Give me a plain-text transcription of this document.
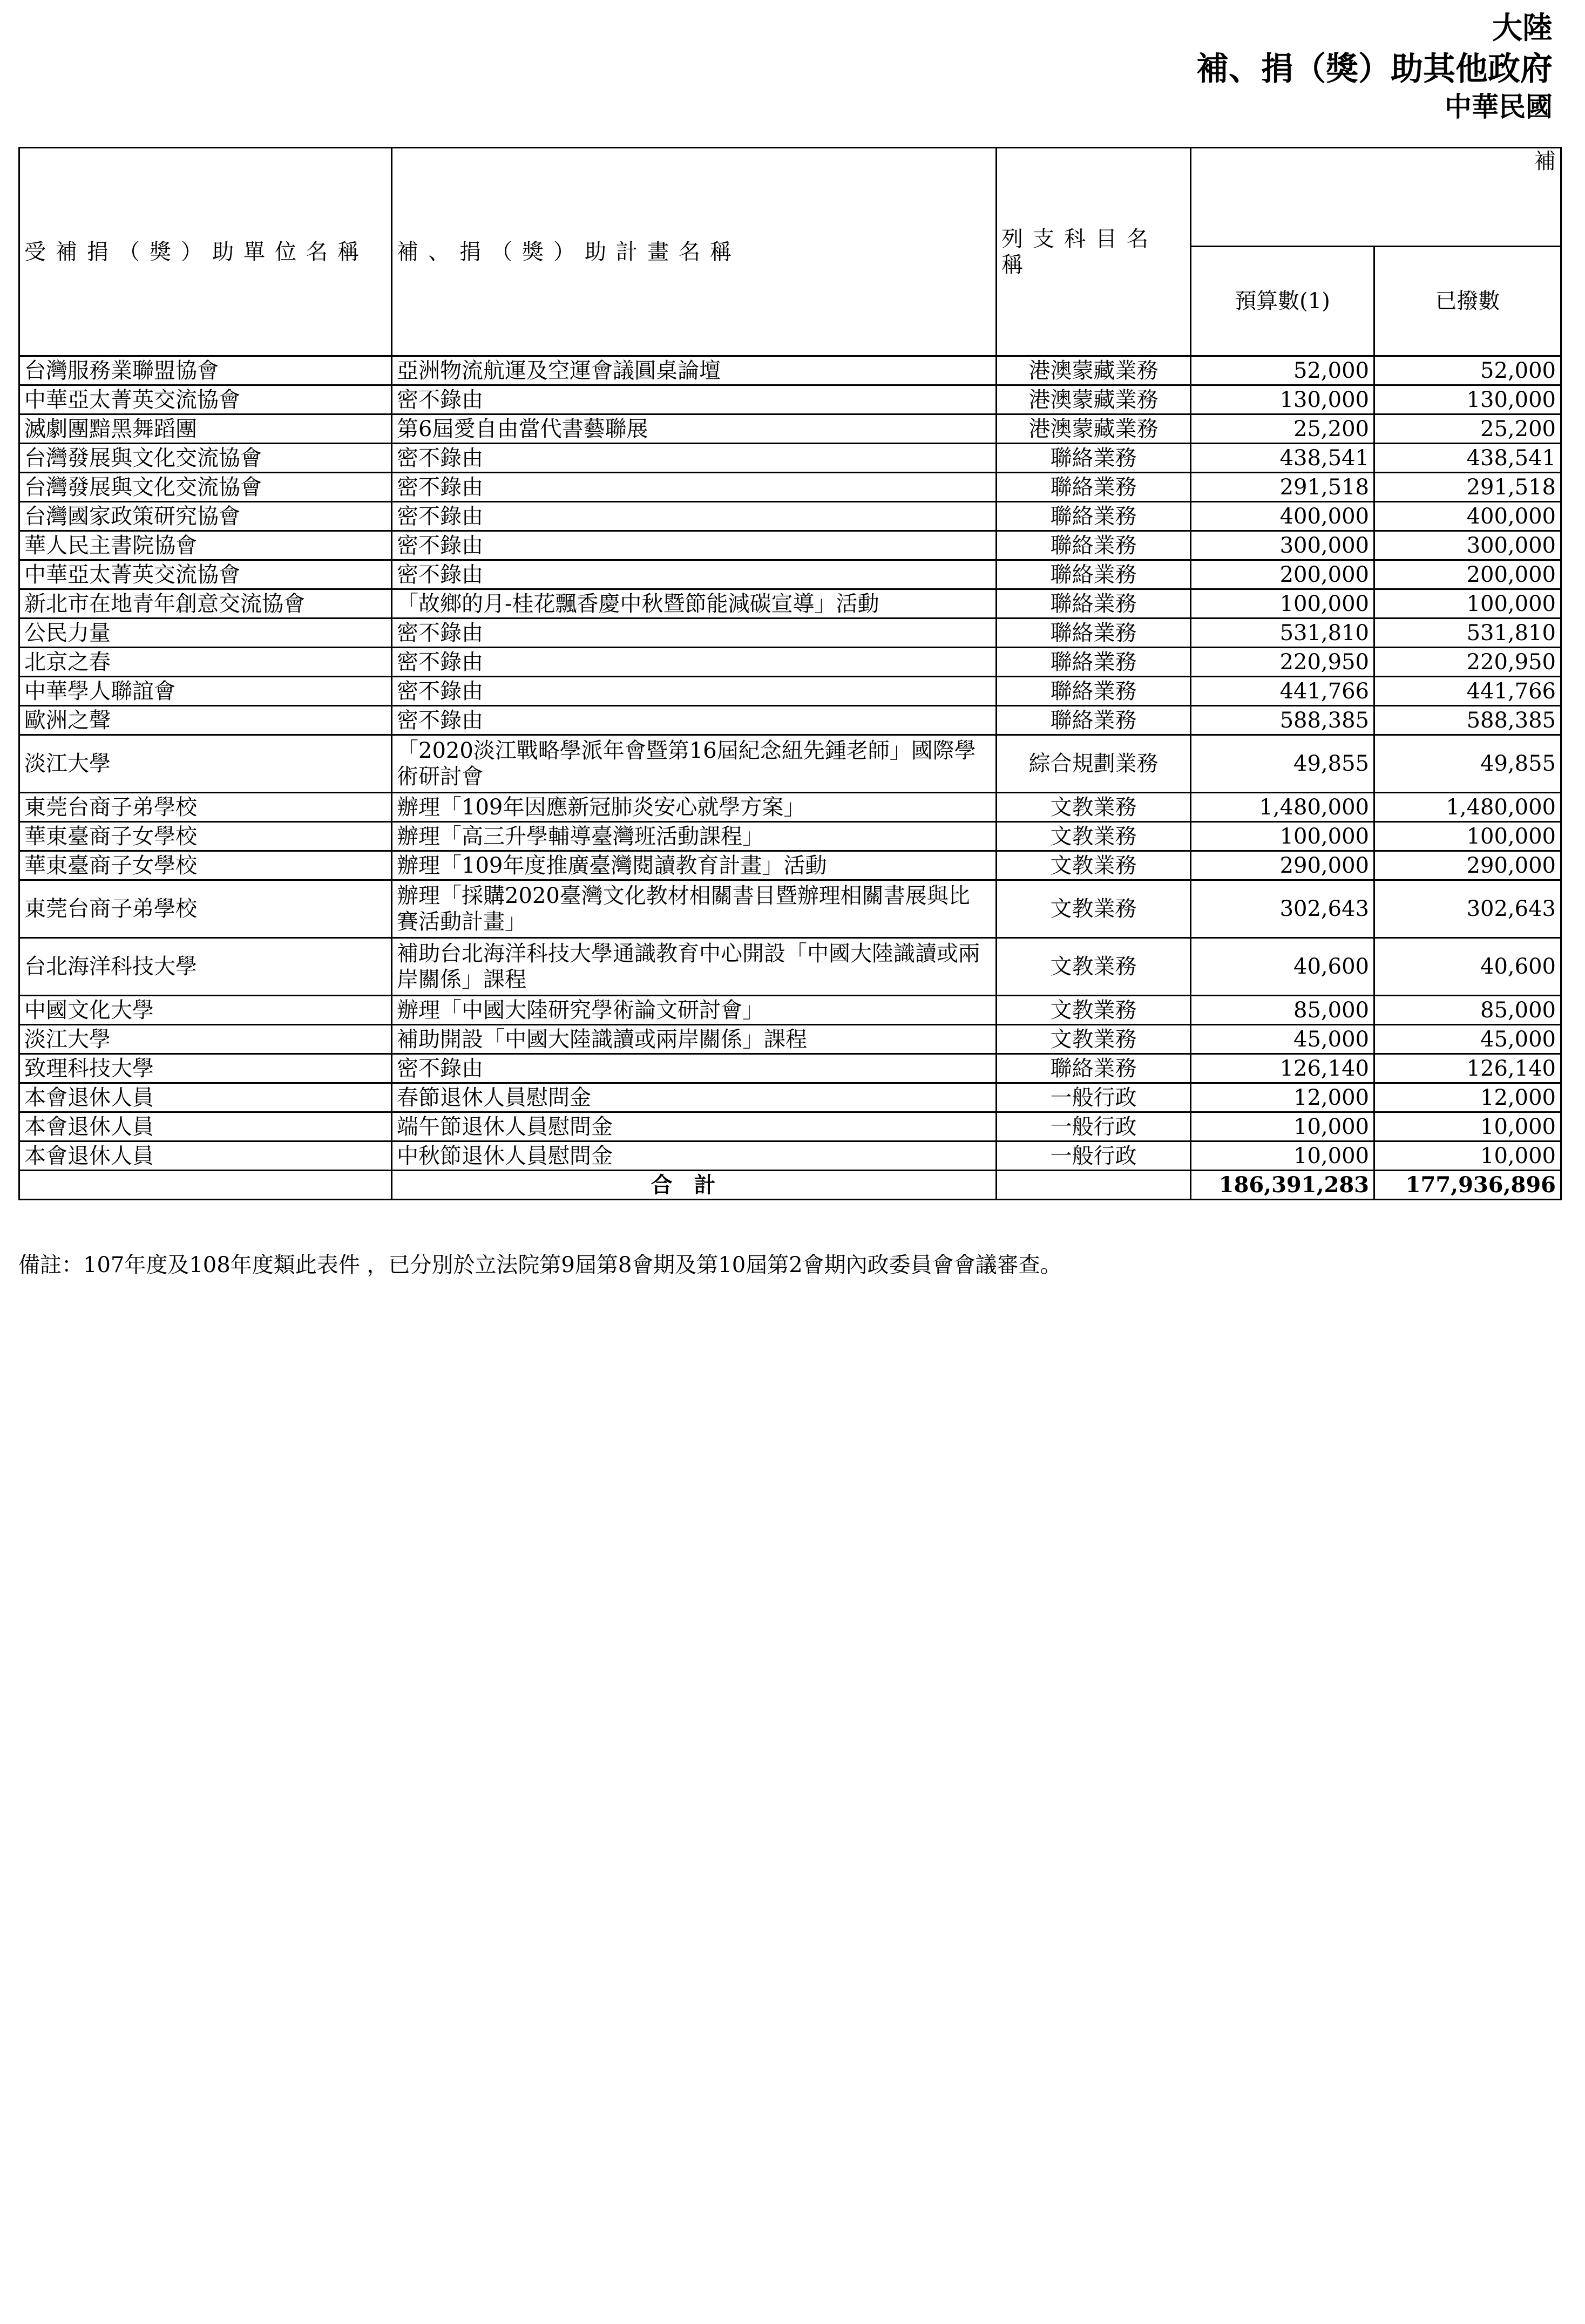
大陸
補、捐（獎）助其他政府
中華民國
受補捐（獎）助單位名稱	補、捐（獎）助計畫名稱	列支科目名稱	補	
			預算數(1)	已撥數
台灣服務業聯盟協會	亞洲物流航運及空運會議圓桌論壇	港澳蒙藏業務	52,000	52,000
中華亞太菁英交流協會	密不錄由	港澳蒙藏業務	130,000	130,000
滅劇團黯黑舞蹈團	第6屆愛自由當代書藝聯展	港澳蒙藏業務	25,200	25,200
台灣發展與文化交流協會	密不錄由	聯絡業務	438,541	438,541
台灣發展與文化交流協會	密不錄由	聯絡業務	291,518	291,518
台灣國家政策研究協會	密不錄由	聯絡業務	400,000	400,000
華人民主書院協會	密不錄由	聯絡業務	300,000	300,000
中華亞太菁英交流協會	密不錄由	聯絡業務	200,000	200,000
新北市在地青年創意交流協會	「故鄉的月-桂花飄香慶中秋暨節能減碳宣導」活動	聯絡業務	100,000	100,000
公民力量	密不錄由	聯絡業務	531,810	531,810
北京之春	密不錄由	聯絡業務	220,950	220,950
中華學人聯誼會	密不錄由	聯絡業務	441,766	441,766
歐洲之聲	密不錄由	聯絡業務	588,385	588,385
淡江大學	「2020淡江戰略學派年會暨第16屆紀念紐先鍾老師」國際學術研討會	綜合規劃業務	49,855	49,855
東莞台商子弟學校	辦理「109年因應新冠肺炎安心就學方案」	文教業務	1,480,000	1,480,000
華東臺商子女學校	辦理「高三升學輔導臺灣班活動課程」	文教業務	100,000	100,000
華東臺商子女學校	辦理「109年度推廣臺灣閱讀教育計畫」活動	文教業務	290,000	290,000
東莞台商子弟學校	辦理「採購2020臺灣文化教材相關書目暨辦理相關書展與比賽活動計畫」	文教業務	302,643	302,643
台北海洋科技大學	補助台北海洋科技大學通識教育中心開設「中國大陸識讀或兩岸關係」課程	文教業務	40,600	40,600
中國文化大學	辦理「中國大陸研究學術論文研討會」	文教業務	85,000	85,000
淡江大學	補助開設「中國大陸識讀或兩岸關係」課程	文教業務	45,000	45,000
致理科技大學	密不錄由	聯絡業務	126,140	126,140
本會退休人員	春節退休人員慰問金	一般行政	12,000	12,000
本會退休人員	端午節退休人員慰問金	一般行政	10,000	10,000
本會退休人員	中秋節退休人員慰問金	一般行政	10,000	10,000
	合計		186,391,283	177,936,896
備註：107年度及108年度類此表件 ，已分別於立法院第9屆第8會期及第10屆第2會期內政委員會會議審查。
